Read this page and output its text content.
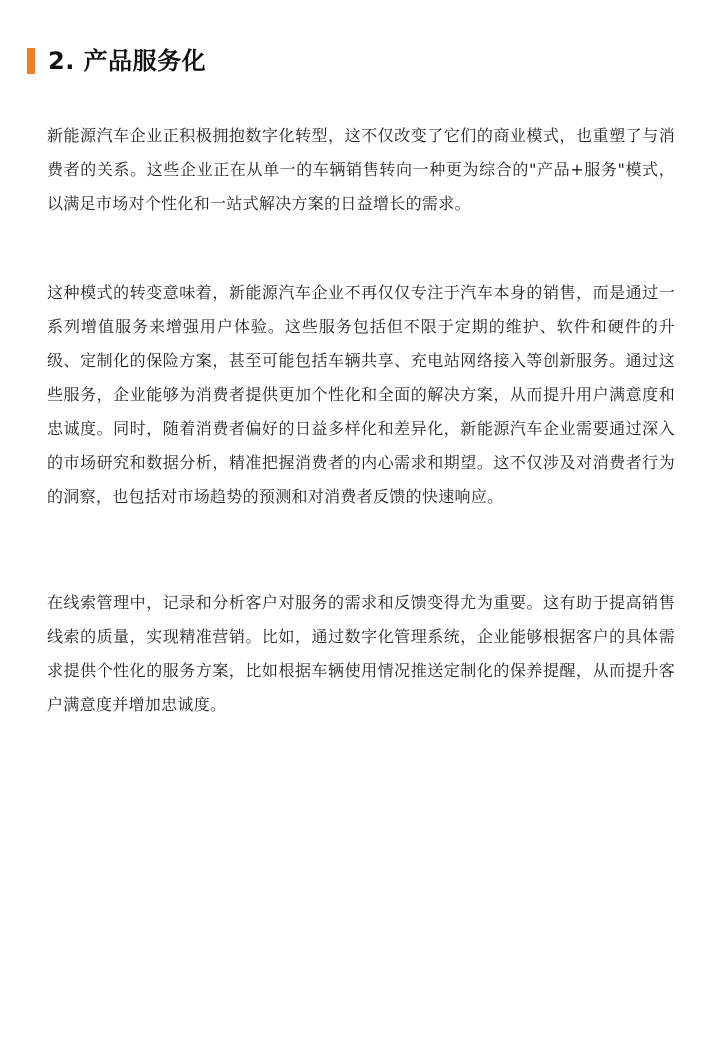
2. 产品服务化

新能源汽车企业正积极拥抱数字化转型，这不仅改变了它们的商业模式，也重塑了与消费者的关系。这些企业正在从单一的车辆销售转向一种更为综合的"产品+服务"模式，以满足市场对个性化和一站式解决方案的日益增长的需求。

这种模式的转变意味着，新能源汽车企业不再仅仅专注于汽车本身的销售，而是通过一系列增值服务来增强用户体验。这些服务包括但不限于定期的维护、软件和硬件的升级、定制化的保险方案，甚至可能包括车辆共享、充电站网络接入等创新服务。通过这些服务，企业能够为消费者提供更加个性化和全面的解决方案，从而提升用户满意度和忠诚度。同时，随着消费者偏好的日益多样化和差异化，新能源汽车企业需要通过深入的市场研究和数据分析，精准把握消费者的内心需求和期望。这不仅涉及对消费者行为的洞察，也包括对市场趋势的预测和对消费者反馈的快速响应。

在线索管理中，记录和分析客户对服务的需求和反馈变得尤为重要。这有助于提高销售线索的质量，实现精准营销。比如，通过数字化管理系统，企业能够根据客户的具体需求提供个性化的服务方案，比如根据车辆使用情况推送定制化的保养提醒，从而提升客户满意度并增加忠诚度。
